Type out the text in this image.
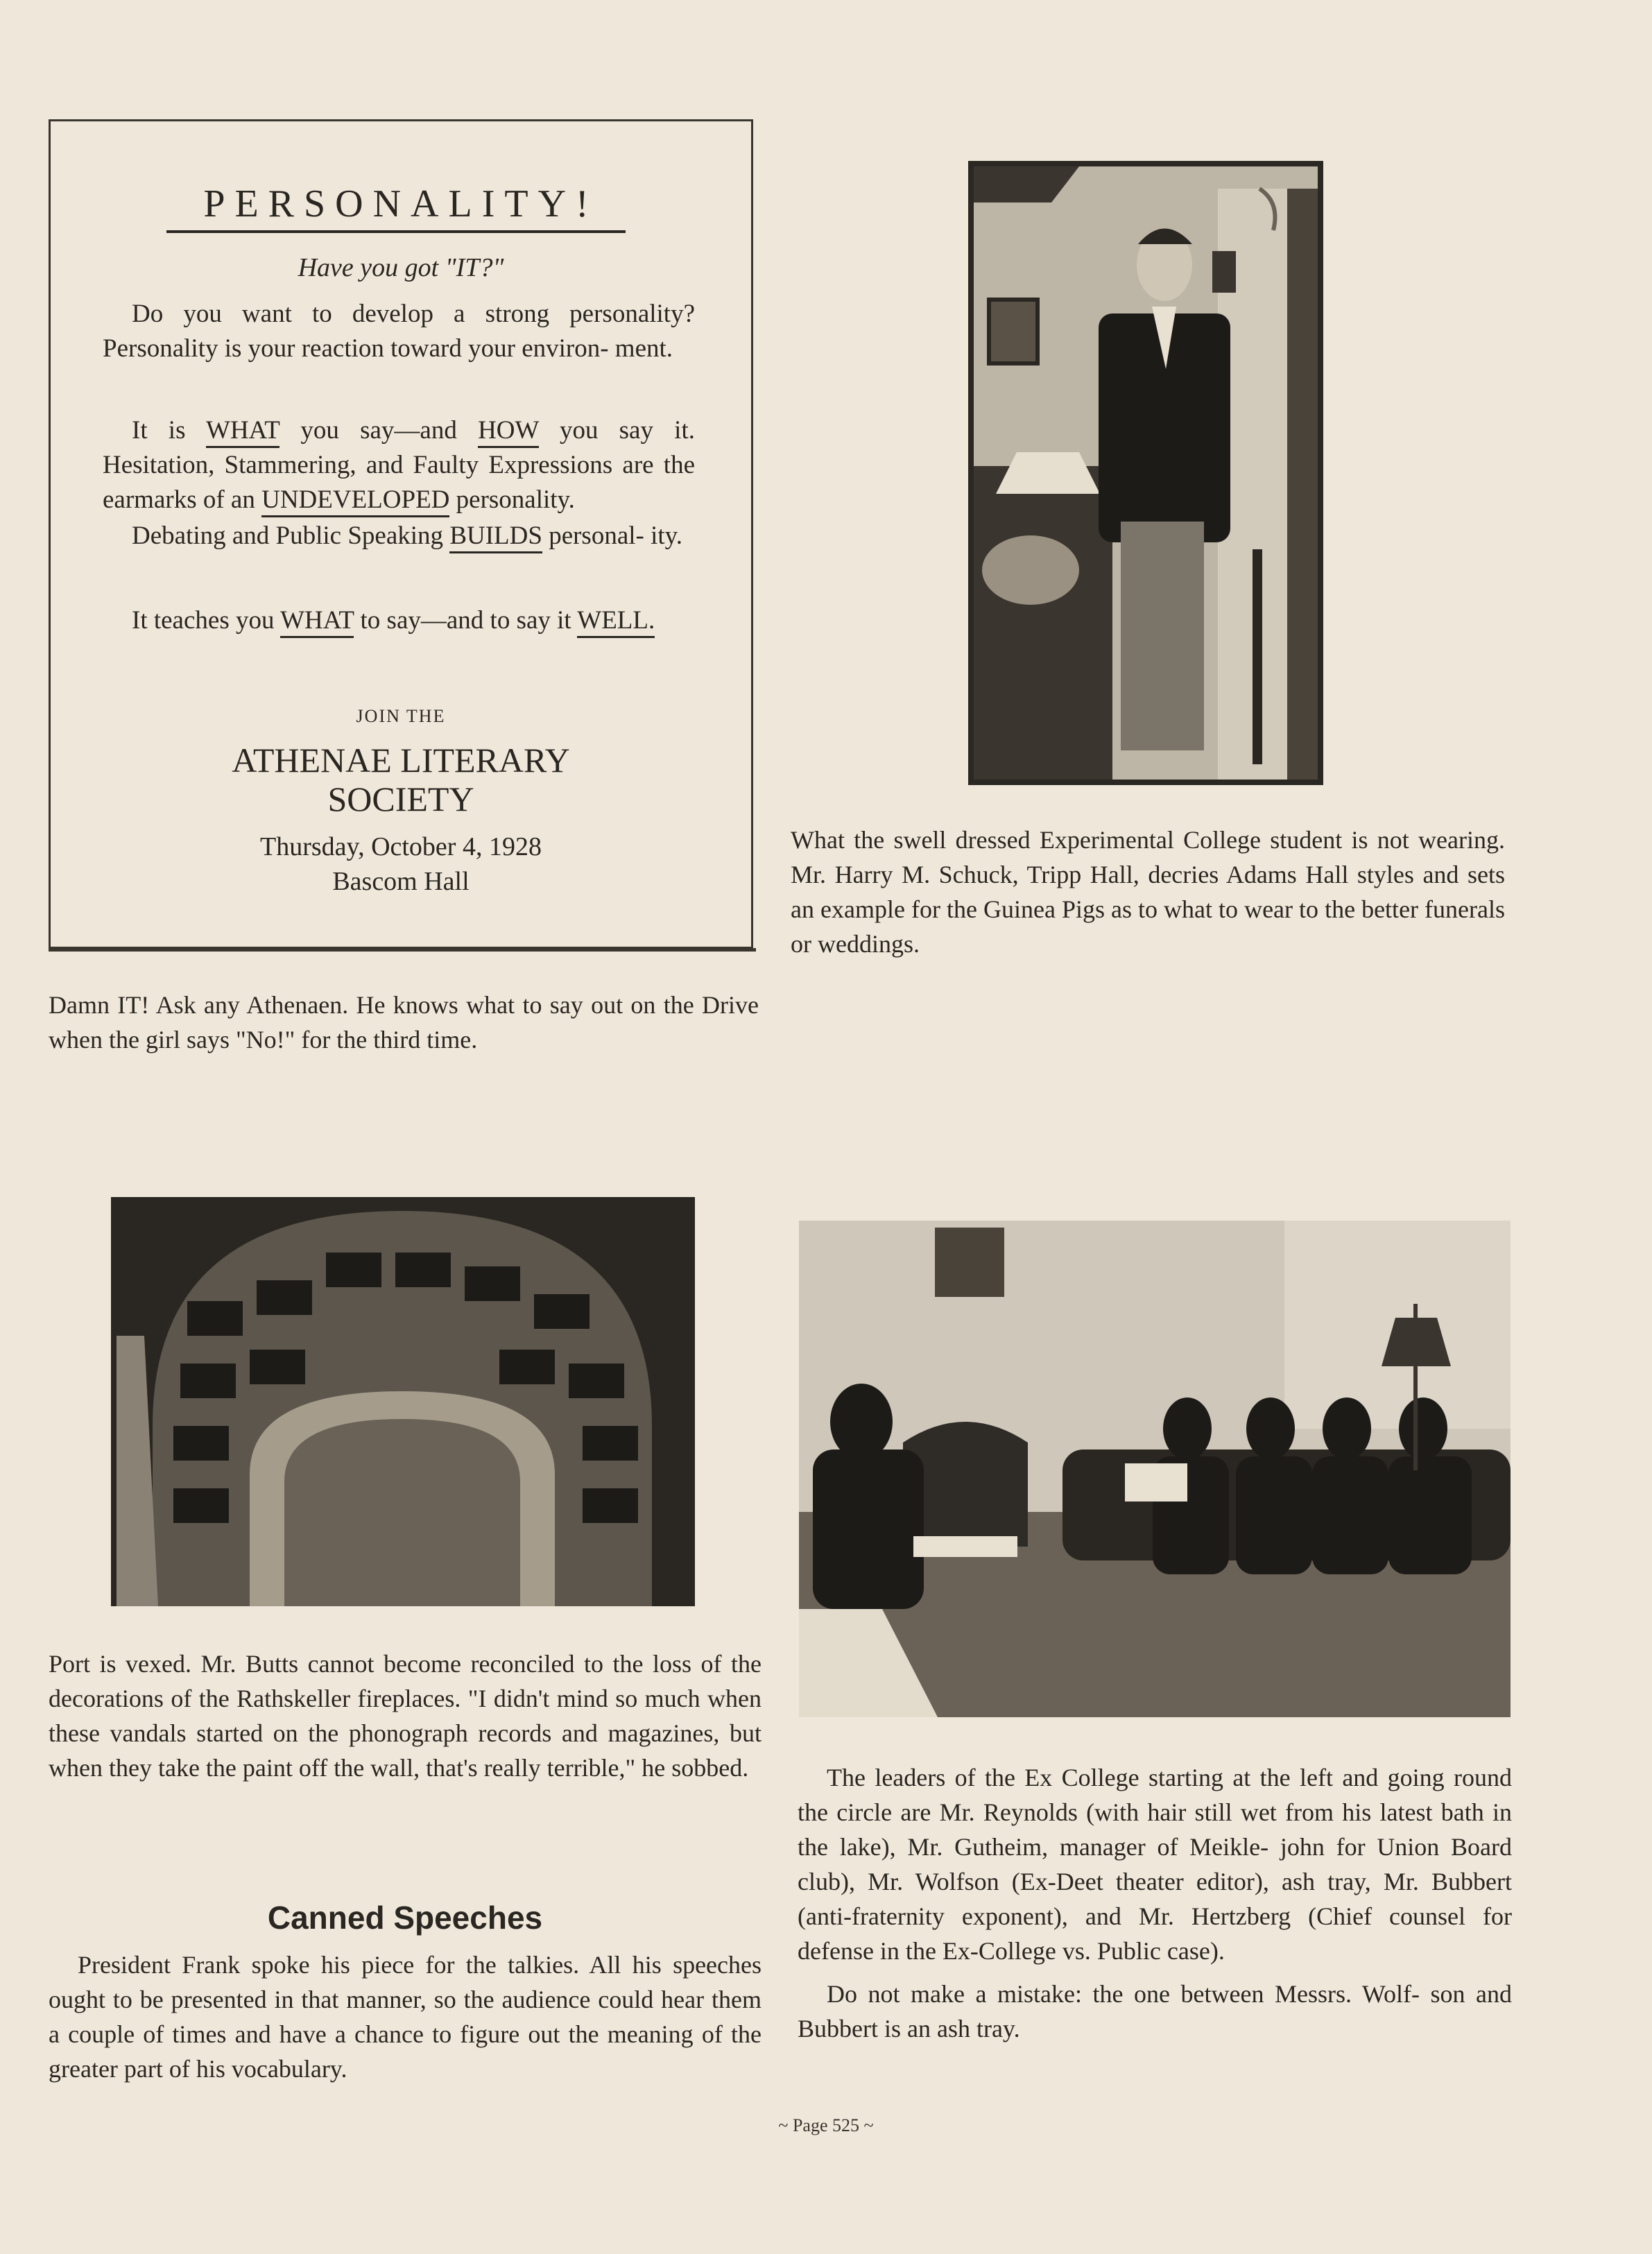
PERSONALITY!
Have you got "IT?"

Do you want to develop a strong personality? Personality is your reaction toward your environ- ment.

It is WHAT you say—and HOW you say it. Hesitation, Stammering, and Faulty Expressions are the earmarks of an UNDEVELOPED personality.

Debating and Public Speaking BUILDS personal- ity.

It teaches you WHAT to say—and to say it WELL.

JOIN THE
ATHENAE LITERARY SOCIETY
Thursday, October 4, 1928
Bascom Hall
Damn IT! Ask any Athenaen. He knows what to say out on the Drive when the girl says "No!" for the third time.
What the swell dressed Experimental College student is not wearing. Mr. Harry M. Schuck, Tripp Hall, decries Adams Hall styles and sets an example for the Guinea Pigs as to what to wear to the better funerals or weddings.
Port is vexed. Mr. Butts cannot become reconciled to the loss of the decorations of the Rathskeller fireplaces. "I didn't mind so much when these vandals started on the phonograph records and magazines, but when they take the paint off the wall, that's really terrible," he sobbed.
Canned Speeches

President Frank spoke his piece for the talkies. All his speeches ought to be presented in that manner, so the audience could hear them a couple of times and have a chance to figure out the meaning of the greater part of his vocabulary.

The leaders of the Ex College starting at the left and going round the circle are Mr. Reynolds (with hair still wet from his latest bath in the lake), Mr. Gutheim, manager of Meikle- john for Union Board club), Mr. Wolfson (Ex-Deet theater editor), ash tray, Mr. Bubbert (anti-fraternity exponent), and Mr. Hertzberg (Chief counsel for defense in the Ex-College vs. Public case).

Do not make a mistake: the one between Messrs. Wolf- son and Bubbert is an ash tray.

~ Page 525 ~
